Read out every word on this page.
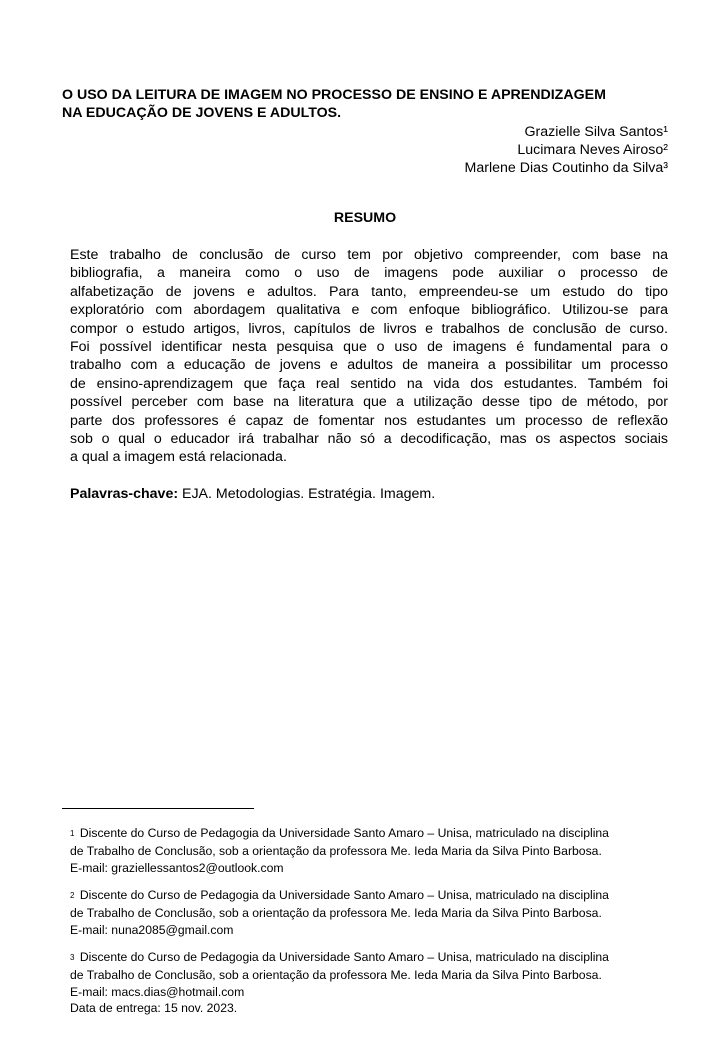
O USO DA LEITURA DE IMAGEM NO PROCESSO DE ENSINO E APRENDIZAGEM
NA EDUCAÇÃO DE JOVENS E ADULTOS.
Grazielle Silva Santos¹
Lucimara Neves Airoso²
Marlene Dias Coutinho da Silva³
RESUMO
Este trabalho de conclusão de curso tem por objetivo compreender, com base na
bibliografia, a maneira como o uso de imagens pode auxiliar o processo de
alfabetização de jovens e adultos. Para tanto, empreendeu-se um estudo do tipo
exploratório com abordagem qualitativa e com enfoque bibliográfico. Utilizou-se para
compor o estudo artigos, livros, capítulos de livros e trabalhos de conclusão de curso.
Foi possível identificar nesta pesquisa que o uso de imagens é fundamental para o
trabalho com a educação de jovens e adultos de maneira a possibilitar um processo
de ensino-aprendizagem que faça real sentido na vida dos estudantes. Também foi
possível perceber com base na literatura que a utilização desse tipo de método, por
parte dos professores é capaz de fomentar nos estudantes um processo de reflexão
sob o qual o educador irá trabalhar não só a decodificação, mas os aspectos sociais
a qual a imagem está relacionada.
Palavras-chave: EJA. Metodologias. Estratégia. Imagem.
1 Discente do Curso de Pedagogia da Universidade Santo Amaro – Unisa, matriculado na disciplina
de Trabalho de Conclusão, sob a orientação da professora Me. Ieda Maria da Silva Pinto Barbosa.
E-mail: graziellessantos2@outlook.com
2 Discente do Curso de Pedagogia da Universidade Santo Amaro – Unisa, matriculado na disciplina
de Trabalho de Conclusão, sob a orientação da professora Me. Ieda Maria da Silva Pinto Barbosa.
E-mail: nuna2085@gmail.com
3 Discente do Curso de Pedagogia da Universidade Santo Amaro – Unisa, matriculado na disciplina
de Trabalho de Conclusão, sob a orientação da professora Me. Ieda Maria da Silva Pinto Barbosa.
E-mail: macs.dias@hotmail.com
Data de entrega: 15 nov. 2023.
